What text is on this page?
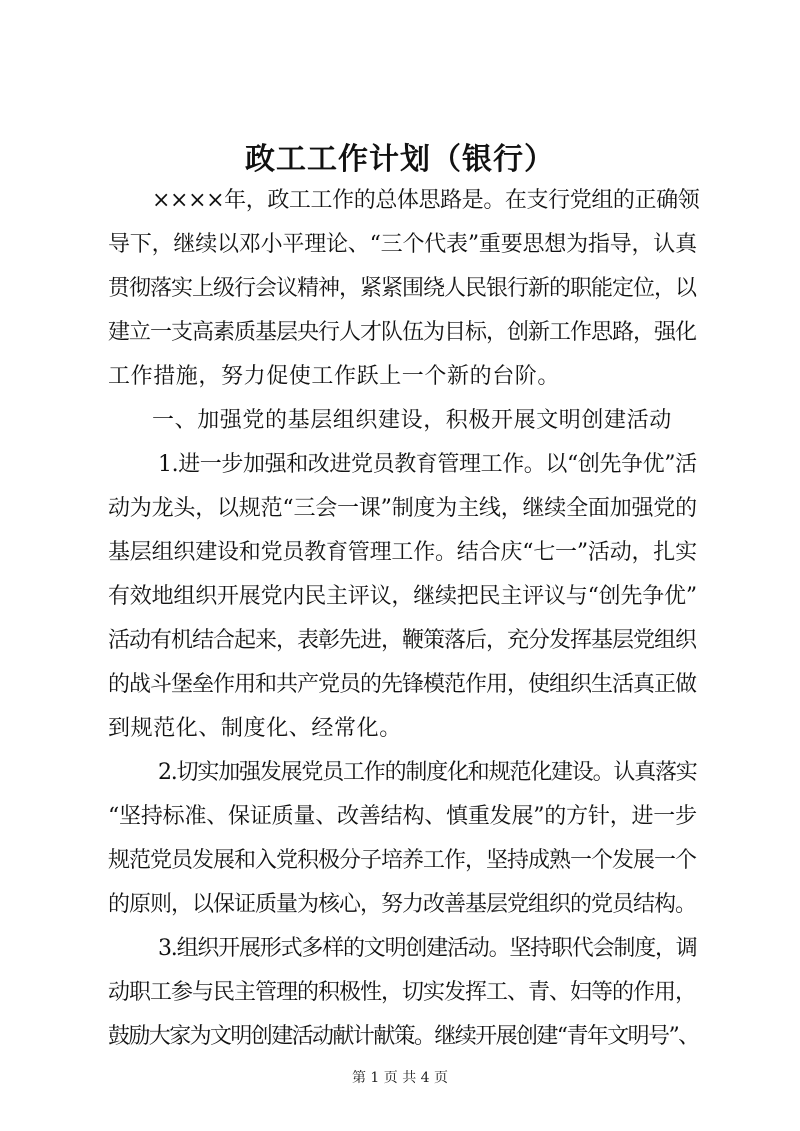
政工工作计划（银行）
××××年，政工工作的总体思路是。在支行党组的正确领
导下，继续以邓小平理论、“三个代表”重要思想为指导，认真
贯彻落实上级行会议精神，紧紧围绕人民银行新的职能定位，以
建立一支高素质基层央行人才队伍为目标，创新工作思路，强化
工作措施，努力促使工作跃上一个新的台阶。
一、加强党的基层组织建设，积极开展文明创建活动
1.进一步加强和改进党员教育管理工作。以“创先争优”活
动为龙头，以规范“三会一课”制度为主线，继续全面加强党的
基层组织建设和党员教育管理工作。结合庆“七一”活动，扎实
有效地组织开展党内民主评议，继续把民主评议与“创先争优”
活动有机结合起来，表彰先进，鞭策落后，充分发挥基层党组织
的战斗堡垒作用和共产党员的先锋模范作用，使组织生活真正做
到规范化、制度化、经常化。
2.切实加强发展党员工作的制度化和规范化建设。认真落实
“坚持标准、保证质量、改善结构、慎重发展”的方针，进一步
规范党员发展和入党积极分子培养工作，坚持成熟一个发展一个
的原则，以保证质量为核心，努力改善基层党组织的党员结构。
3.组织开展形式多样的文明创建活动。坚持职代会制度，调
动职工参与民主管理的积极性，切实发挥工、青、妇等的作用，
鼓励大家为文明创建活动献计献策。继续开展创建“青年文明号”、
第 1 页 共 4 页
